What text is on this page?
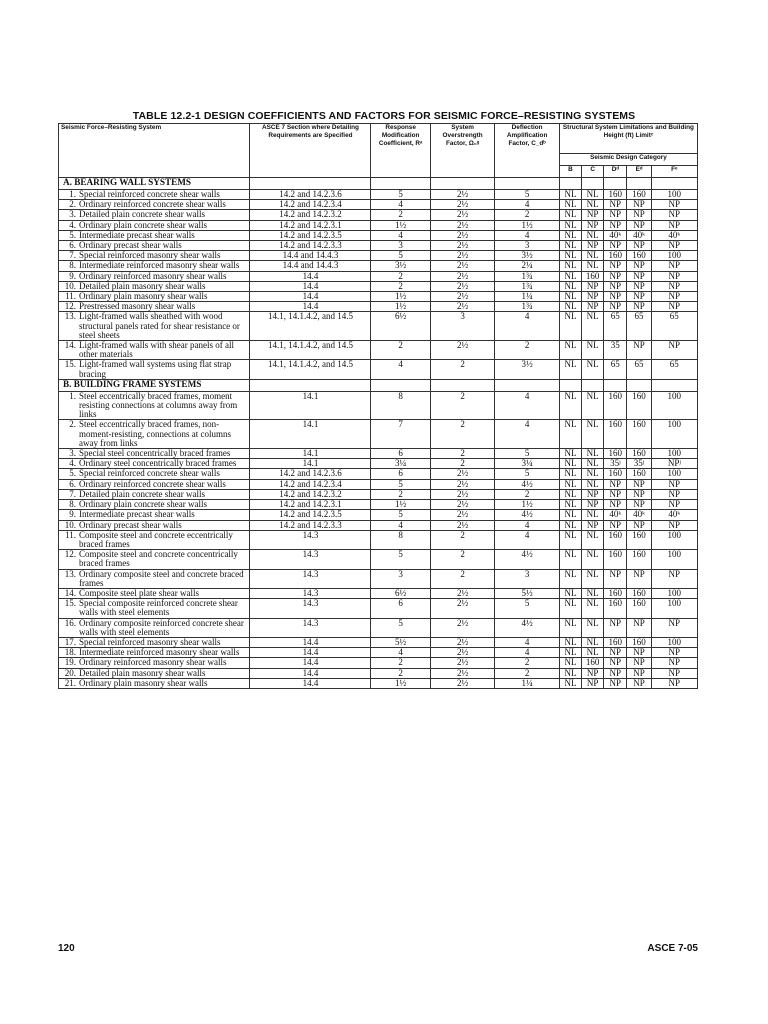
TABLE 12.2-1 DESIGN COEFFICIENTS AND FACTORS FOR SEISMIC FORCE–RESISTING SYSTEMS
Seismic Force–Resisting System	ASCE 7 Section where Detailing Requirements are Specified	Response Modification Coefficient, Rᵃ	System Overstrength Factor, Ω₀ᵍ	Deflection Amplification Factor, C_dᵇ	Structural System Limitations and Building Height (ft) Limitᶜ				
					Seismic Design Category				
					B	C	Dᵈ	Eᵈ	Fᵉ
A. BEARING WALL SYSTEMS									

1. Special reinforced concrete shear walls	14.2 and 14.2.3.6	5	2½	5	NL	NL	160	160	100

2. Ordinary reinforced concrete shear walls	14.2 and 14.2.3.4	4	2½	4	NL	NL	NP	NP	NP

3. Detailed plain concrete shear walls	14.2 and 14.2.3.2	2	2½	2	NL	NP	NP	NP	NP

4. Ordinary plain concrete shear walls	14.2 and 14.2.3.1	1½	2½	1½	NL	NP	NP	NP	NP

5. Intermediate precast shear walls	14.2 and 14.2.3.5	4	2½	4	NL	NL	40ᵏ	40ᵏ	40ᵏ

6. Ordinary precast shear walls	14.2 and 14.2.3.3	3	2½	3	NL	NP	NP	NP	NP

7. Special reinforced masonry shear walls	14.4 and 14.4.3	5	2½	3½	NL	NL	160	160	100

8. Intermediate reinforced masonry shear walls	14.4 and 14.4.3	3½	2½	2¼	NL	NL	NP	NP	NP

9. Ordinary reinforced masonry shear walls	14.4	2	2½	1¾	NL	160	NP	NP	NP

10. Detailed plain masonry shear walls	14.4	2	2½	1¾	NL	NP	NP	NP	NP

11. Ordinary plain masonry shear walls	14.4	1½	2½	1¼	NL	NP	NP	NP	NP

12. Prestressed masonry shear walls	14.4	1½	2½	1¾	NL	NP	NP	NP	NP

13. Light-framed walls sheathed with wood structural panels rated for shear resistance or steel sheets	14.1, 14.1.4.2, and 14.5	6½	3	4	NL	NL	65	65	65

14. Light-framed walls with shear panels of all other materials	14.1, 14.1.4.2, and 14.5	2	2½	2	NL	NL	35	NP	NP

15. Light-framed wall systems using flat strap bracing	14.1, 14.1.4.2, and 14.5	4	2	3½	NL	NL	65	65	65
B. BUILDING FRAME SYSTEMS									

1. Steel eccentrically braced frames, moment resisting connections at columns away from links	14.1	8	2	4	NL	NL	160	160	100

2. Steel eccentrically braced frames, non-moment-resisting, connections at columns away from links	14.1	7	2	4	NL	NL	160	160	100

3. Special steel concentrically braced frames	14.1	6	2	5	NL	NL	160	160	100

4. Ordinary steel concentrically braced frames	14.1	3¼	2	3¼	NL	NL	35ʲ	35ʲ	NPʲ

5. Special reinforced concrete shear walls	14.2 and 14.2.3.6	6	2½	5	NL	NL	160	160	100

6. Ordinary reinforced concrete shear walls	14.2 and 14.2.3.4	5	2½	4½	NL	NL	NP	NP	NP

7. Detailed plain concrete shear walls	14.2 and 14.2.3.2	2	2½	2	NL	NP	NP	NP	NP

8. Ordinary plain concrete shear walls	14.2 and 14.2.3.1	1½	2½	1½	NL	NP	NP	NP	NP

9. Intermediate precast shear walls	14.2 and 14.2.3.5	5	2½	4½	NL	NL	40ᵏ	40ᵏ	40ᵏ

10. Ordinary precast shear walls	14.2 and 14.2.3.3	4	2½	4	NL	NP	NP	NP	NP

11. Composite steel and concrete eccentrically braced frames	14.3	8	2	4	NL	NL	160	160	100

12. Composite steel and concrete concentrically braced frames	14.3	5	2	4½	NL	NL	160	160	100

13. Ordinary composite steel and concrete braced frames	14.3	3	2	3	NL	NL	NP	NP	NP

14. Composite steel plate shear walls	14.3	6½	2½	5½	NL	NL	160	160	100

15. Special composite reinforced concrete shear walls with steel elements	14.3	6	2½	5	NL	NL	160	160	100

16. Ordinary composite reinforced concrete shear walls with steel elements	14.3	5	2½	4½	NL	NL	NP	NP	NP

17. Special reinforced masonry shear walls	14.4	5½	2½	4	NL	NL	160	160	100

18. Intermediate reinforced masonry shear walls	14.4	4	2½	4	NL	NL	NP	NP	NP

19. Ordinary reinforced masonry shear walls	14.4	2	2½	2	NL	160	NP	NP	NP

20. Detailed plain masonry shear walls	14.4	2	2½	2	NL	NP	NP	NP	NP

21. Ordinary plain masonry shear walls	14.4	1½	2½	1¼	NL	NP	NP	NP	NP
120	ASCE 7-05
